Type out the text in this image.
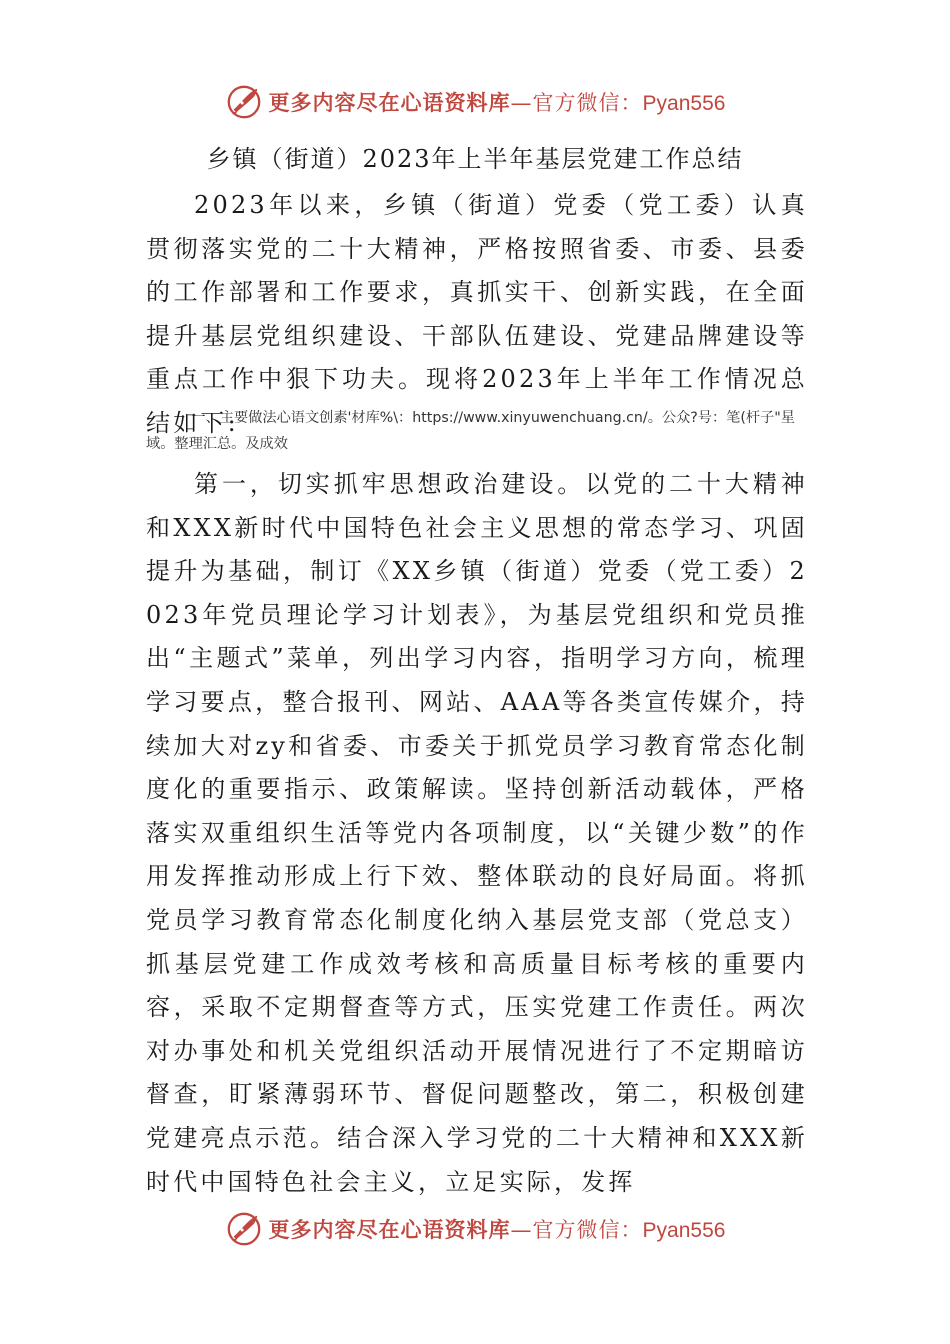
更多内容尽在心语资料库—官方微信：Pyan556
乡镇（街道）2023年上半年基层党建工作总结

2023年以来，乡镇（街道）党委（党工委）认真贯彻落实党的二十大精神，严格按照省委、市委、县委的工作部署和工作要求，真抓实干、创新实践，在全面提升基层党组织建设、干部队伍建设、党建品牌建设等重点工作中狠下功夫。现将2023年上半年工作情况总结如下:

一、主要做法心语文创素'材库%\：https://www.xinyuwenchuang.cn/。公众?号：笔(杆子"星域。整理汇总。及成效

第一，切实抓牢思想政治建设。以党的二十大精神和XXX新时代中国特色社会主义思想的常态学习、巩固提升为基础，制订《XX乡镇（街道）党委（党工委）2023年党员理论学习计划表》，为基层党组织和党员推出“主题式”菜单，列出学习内容，指明学习方向，梳理学习要点，整合报刊、网站、AAA等各类宣传媒介，持续加大对zy和省委、市委关于抓党员学习教育常态化制度化的重要指示、政策解读。坚持创新活动载体，严格落实双重组织生活等党内各项制度，以“关键少数”的作用发挥推动形成上行下效、整体联动的良好局面。将抓党员学习教育常态化制度化纳入基层党支部（党总支）抓基层党建工作成效考核和高质量目标考核的重要内容，采取不定期督查等方式，压实党建工作责任。两次对办事处和机关党组织活动开展情况进行了不定期暗访督查，盯紧薄弱环节、督促问题整改，第二，积极创建党建亮点示范。结合深入学习党的二十大精神和XXX新时代中国特色社会主义，立足实际，发挥

更多内容尽在心语资料库—官方微信：Pyan556
